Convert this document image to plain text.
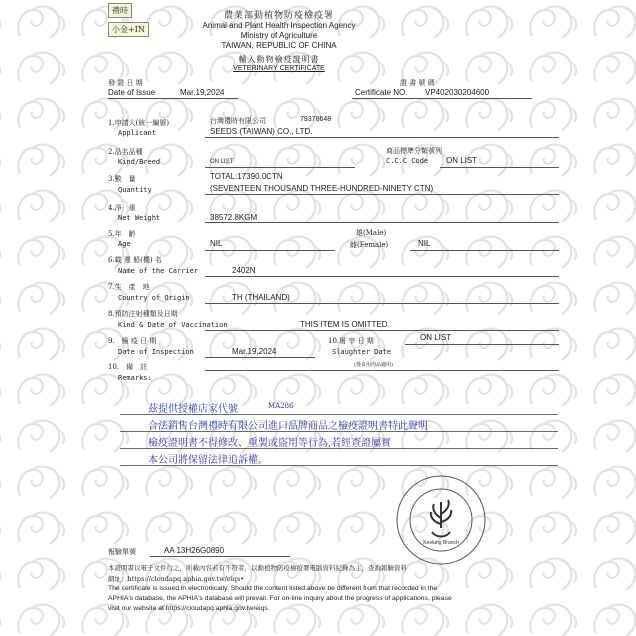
禮時
小金+IN
農業部動植物防疫檢疫署
Animal and Plant Health Inspection Agency
Ministry of Agriculture
TAIWAN, REPUBLIC OF CHINA
輸入動物檢疫證明書
VETERINARY CERTIFICATE
發 證 日 期
Date of Issue	Mar.19,2024
證 書 號 碼
Certificate NO. VP402030204600
1.申請人(統一編號)
Applicant
台灣禮時有限公司	79378648
SEEDS (TAIWAN) CO., LTD.
2.品名品種
Kind/Breed	ON LIST
商品標準分類號列
C.C.C Code ON LIST
3.數　量
Quantity
TOTAL:17390.0CTN
(SEVENTEEN THOUSAND THREE-HUNDRED-NINETY CTN)
4.淨　重
Net Weight	38572.8KGM
5.年　齡
Age	NIL
雄(Male)
雌(Female)	NIL
6.載 運 船(機) 名
Name of the Carrier	2402N
7.生　產　地
Country of Origin	TH (THAILAND)
8.預防注射種類及日期
Kind & Date of Vaccination	THIS ITEM IS OMITTED.
9.　檢 疫 日 期
Date of Inspection	Mar.19,2024
10.屠 宰 日 期
Slaughter Date
(僅食用肉品適用)
ON LIST
10.　備　註
Remarks:
茲提供授權店家代號	MA286
合法銷售台灣禮時有限公司進口品牌商品之檢疫證明書特此聲明
檢疫證明書不得修改、重製或盜用等行為,若經查證屬實
本公司將保留法律追訴權。
Keelung Branch
報驗單號	AA 13H26G0890
本證明書以電子文件行之，所載內容若有不符者，以動植物防疫檢疫署電腦資料紀錄為主，查詢報驗資料
網址：https://cloudapq.aphia.gov.tw/eiqs•
The certificate is issued in electronically. Should the content listed above be different from that recorded in the
APHIA's database, the APHIA's database will prevail. For on-line inquiry about the progress of applications, please
visit our website at https://cloudapq.aphia.gov.tw/eiqs.
